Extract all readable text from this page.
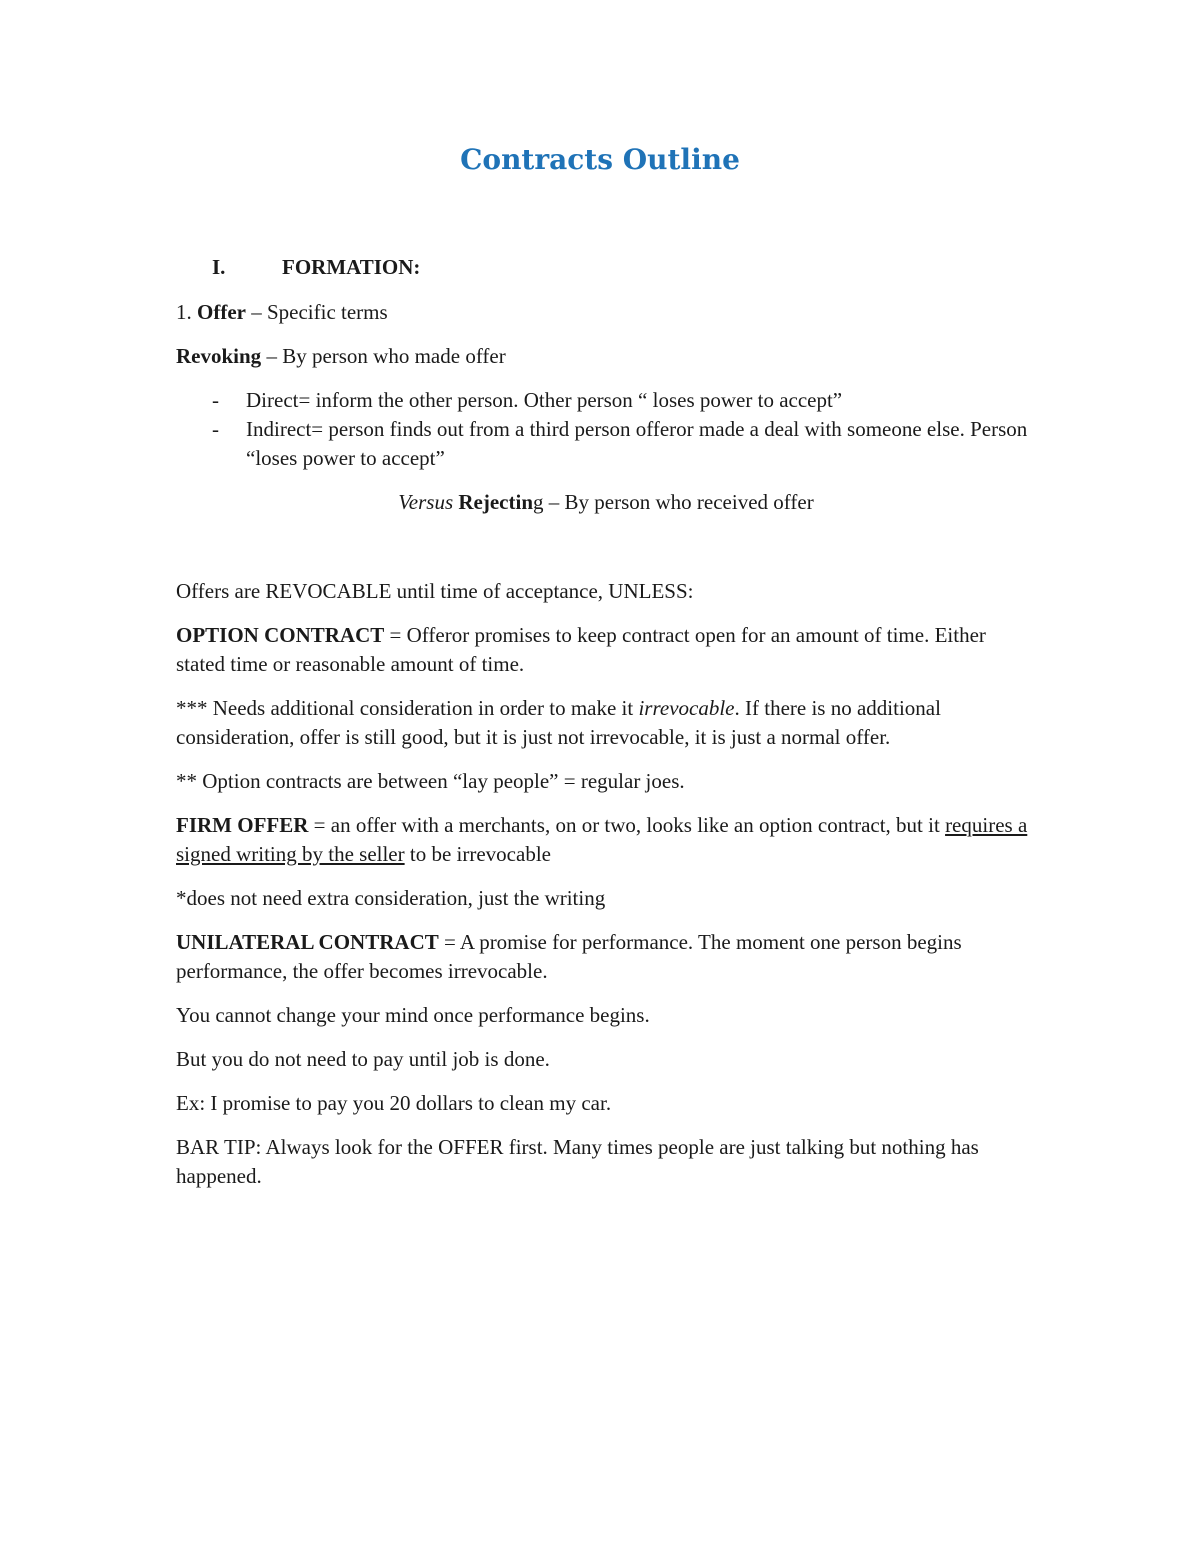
Contracts Outline
I.	FORMATION:

1. Offer – Specific terms

Revoking – By person who made offer

-	Direct= inform the other person. Other person “ loses power to accept”
-	Indirect= person finds out from a third person offeror made a deal with someone else. Person “loses power to accept”

Versus Rejecting – By person who received offer

Offers are REVOCABLE until time of acceptance, UNLESS:

OPTION CONTRACT = Offeror promises to keep contract open for an amount of time. Either stated time or reasonable amount of time.

*** Needs additional consideration in order to make it irrevocable. If there is no additional consideration, offer is still good, but it is just not irrevocable, it is just a normal offer.

** Option contracts are between “lay people” = regular joes.

FIRM OFFER = an offer with a merchants, on or two, looks like an option contract, but it requires a signed writing by the seller to be irrevocable

*does not need extra consideration, just the writing

UNILATERAL CONTRACT = A promise for performance. The moment one person begins performance, the offer becomes irrevocable.

You cannot change your mind once performance begins.

But you do not need to pay until job is done.

Ex: I promise to pay you 20 dollars to clean my car.

BAR TIP: Always look for the OFFER first. Many times people are just talking but nothing has happened.
